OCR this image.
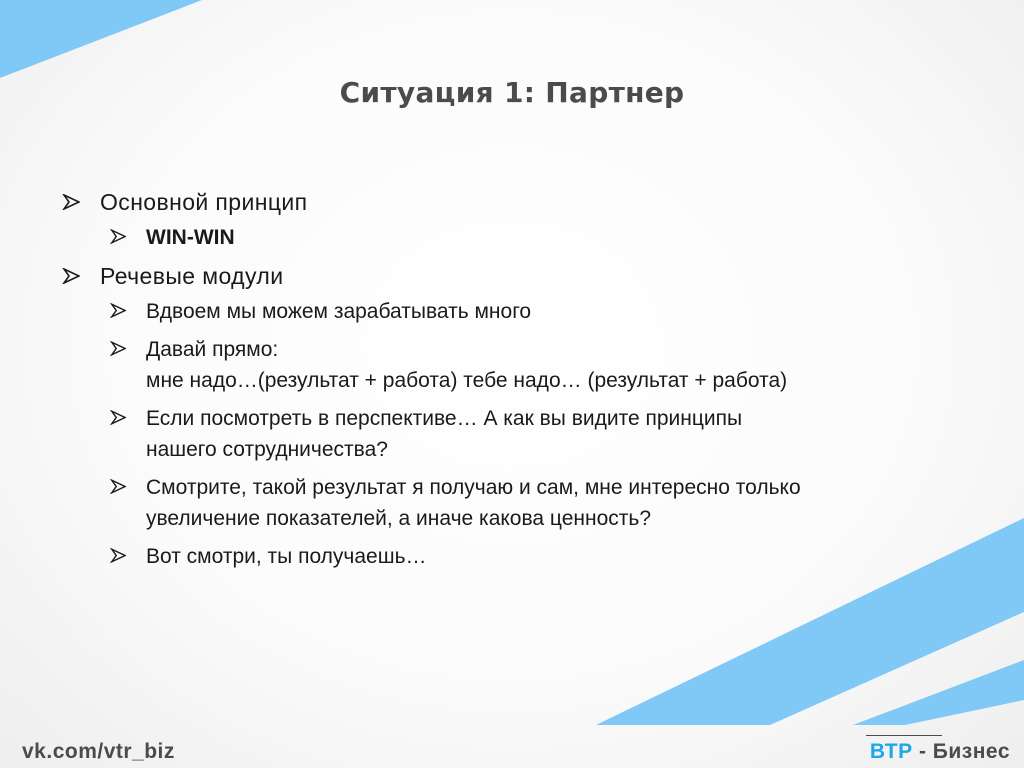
Ситуация 1: Партнер
Основной принцип
WIN-WIN
Речевые модули
Вдвоем мы можем зарабатывать много
Давай прямо:
мне надо…(результат + работа) тебе надо… (результат + работа)
Если посмотреть в перспективе… А как вы видите принципы
нашего сотрудничества?
Смотрите, такой результат я получаю и сам, мне интересно только
увеличение показателей, а иначе какова ценность?
Вот смотри, ты получаешь…
vk.com/vtr_biz	ВТР - Бизнес
